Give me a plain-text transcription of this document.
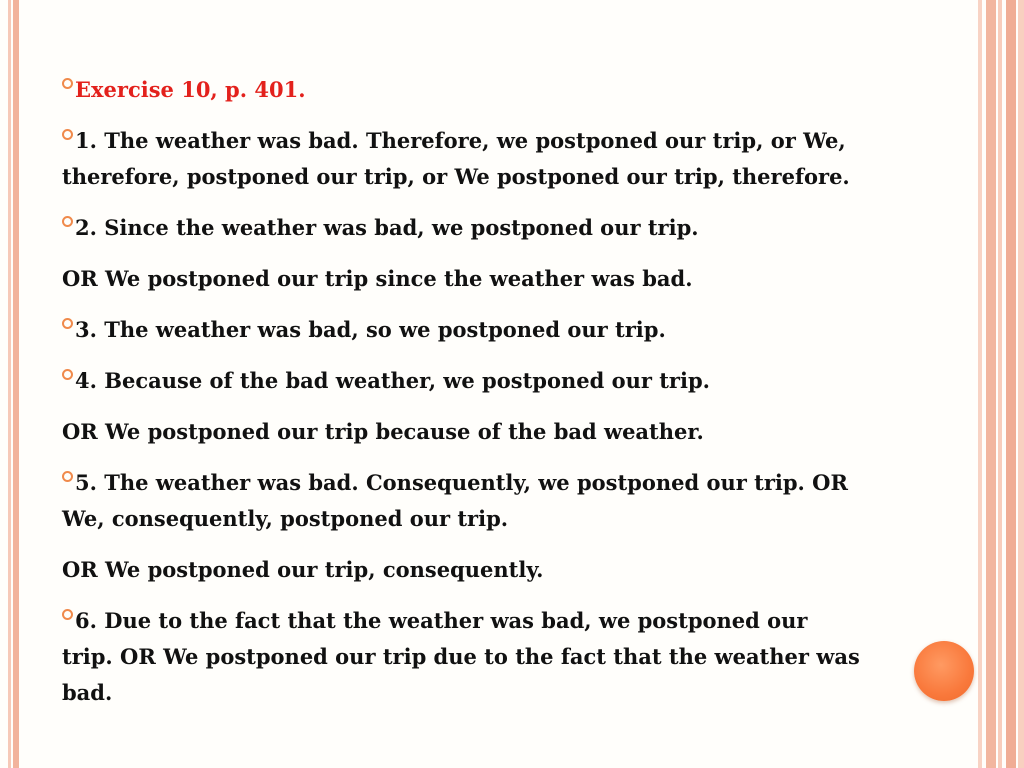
Exercise 10, p. 401.

1. The weather was bad. Therefore, we postponed our trip, or We, therefore, postponed our trip, or We postponed our trip, therefore.

2. Since the weather was bad, we postponed our trip.

OR We postponed our trip since the weather was bad.

3. The weather was bad, so we postponed our trip.

4. Because of the bad weather, we postponed our trip.

OR We postponed our trip because of the bad weather.

5. The weather was bad. Consequently, we postponed our trip. OR We, consequently, postponed our trip.

OR We postponed our trip, consequently.

6. Due to the fact that the weather was bad, we postponed our trip. OR We postponed our trip due to the fact that the weather was bad.
